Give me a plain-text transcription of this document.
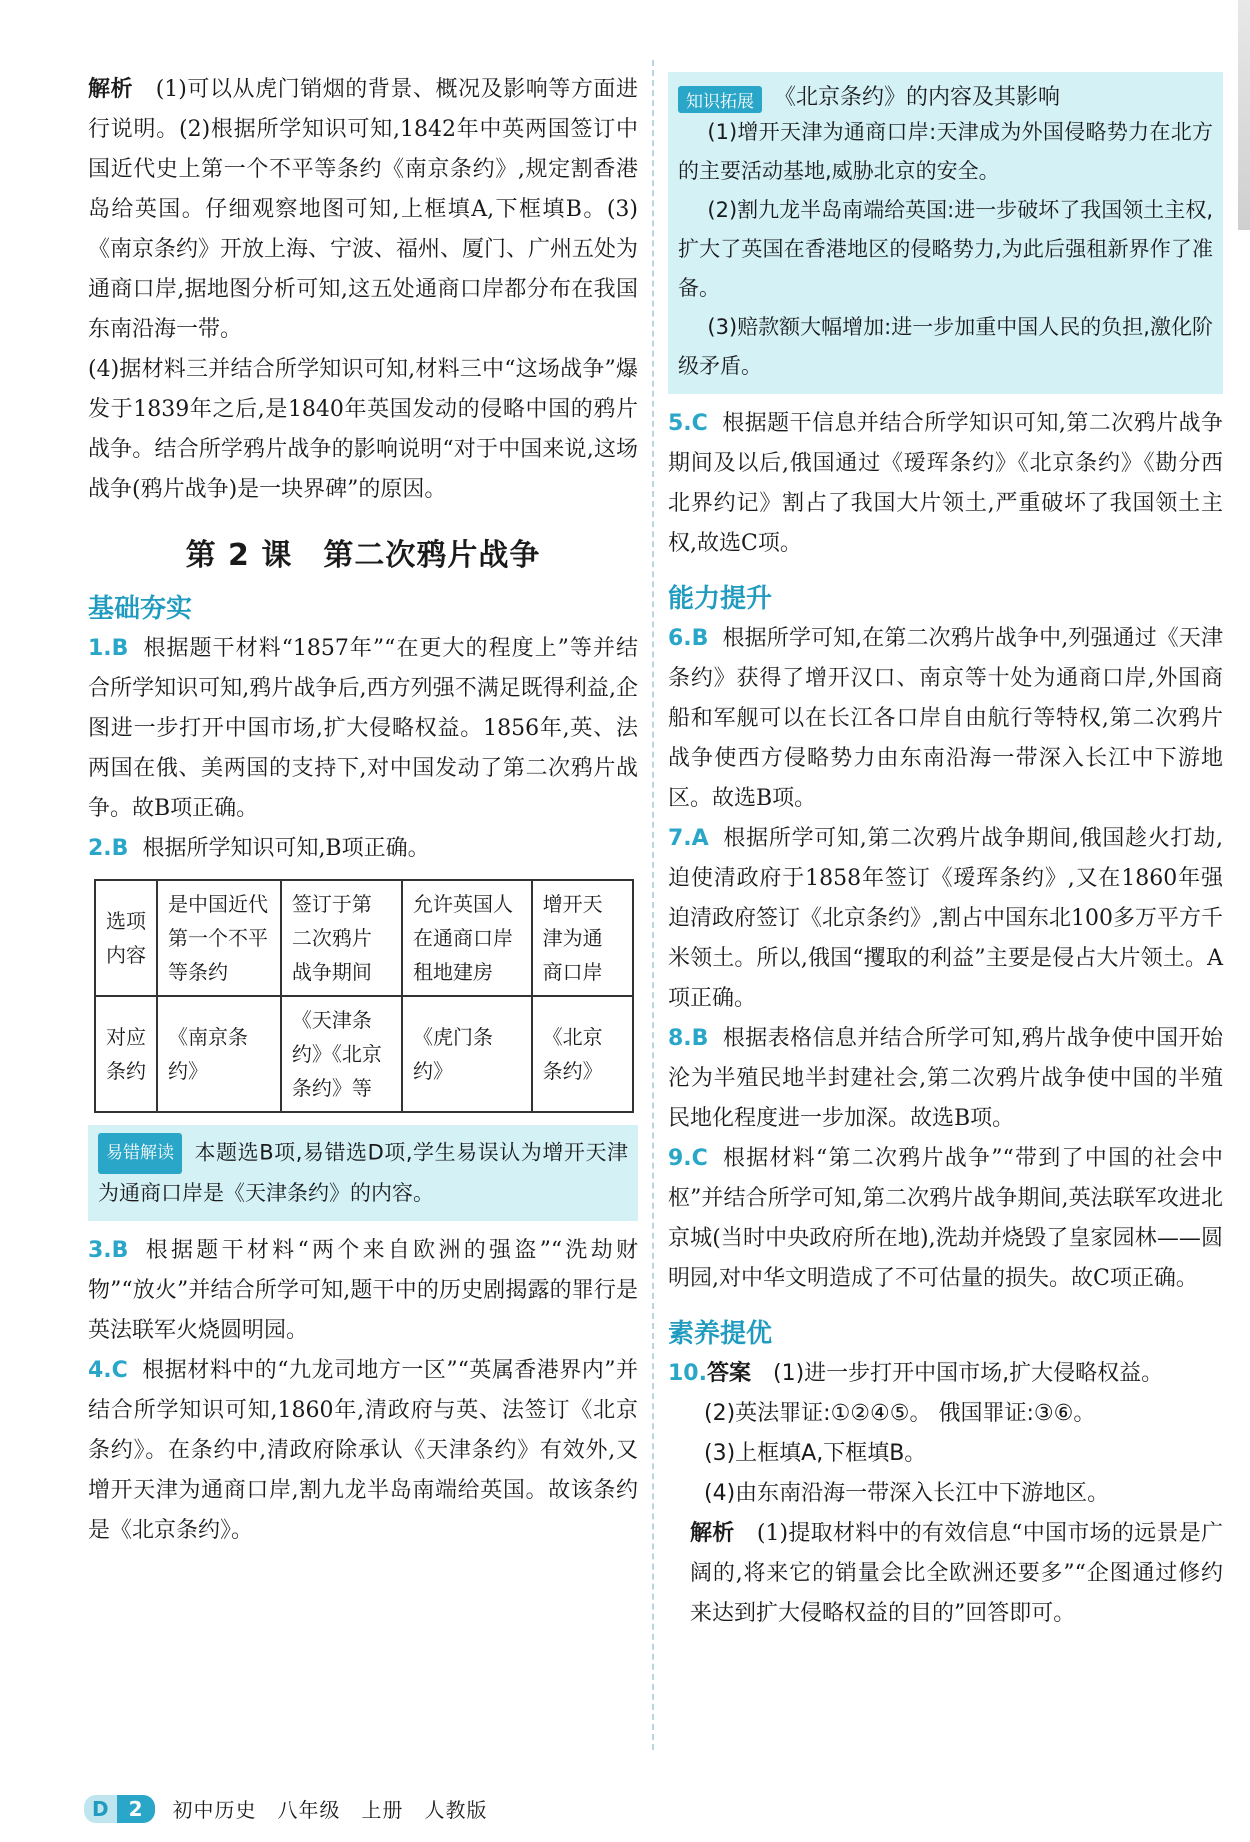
解析　 (1)可以从虎门销烟的背景、概况及影响等方面进行说明。(2)根据所学知识可知,1842年中英两国签订中国近代史上第一个不平等条约《南京条约》,规定割香港岛给英国。仔细观察地图可知,上框填A,下框填B。(3)《南京条约》开放上海、宁波、福州、厦门、广州五处为通商口岸,据地图分析可知,这五处通商口岸都分布在我国东南沿海一带。

(4)据材料三并结合所学知识可知,材料三中“这场战争”爆发于1839年之后,是1840年英国发动的侵略中国的鸦片战争。结合所学鸦片战争的影响说明“对于中国来说,这场战争(鸦片战争)是一块界碑”的原因。

第 2 课　第二次鸦片战争
基础夯实

1.B 根据题干材料“1857年”“在更大的程度上”等并结合所学知识可知,鸦片战争后,西方列强不满足既得利益,企图进一步打开中国市场,扩大侵略权益。1856年,英、法两国在俄、美两国的支持下,对中国发动了第二次鸦片战争。故B项正确。

2.B 根据所学知识可知,B项正确。

选项内容	是中国近代第一个不平等条约	签订于第二次鸦片战争期间	允许英国人在通商口岸租地建房	增开天津为通商口岸
对应条约	《南京条约》	《天津条约》《北京条约》等	《虎门条约》	《北京条约》

易错解读 本题选B项,易错选D项,学生易误认为增开天津为通商口岸是《天津条约》的内容。

3.B 根据题干材料“两个来自欧洲的强盗”“洗劫财物”“放火”并结合所学可知,题干中的历史剧揭露的罪行是英法联军火烧圆明园。

4.C 根据材料中的“九龙司地方一区”“英属香港界内”并结合所学知识可知,1860年,清政府与英、法签订《北京条约》。在条约中,清政府除承认《天津条约》有效外,又增开天津为通商口岸,割九龙半岛南端给英国。故该条约是《北京条约》。

知识拓展 《北京条约》的内容及其影响

(1)增开天津为通商口岸:天津成为外国侵略势力在北方的主要活动基地,威胁北京的安全。

(2)割九龙半岛南端给英国:进一步破坏了我国领土主权,扩大了英国在香港地区的侵略势力,为此后强租新界作了准备。

(3)赔款额大幅增加:进一步加重中国人民的负担,激化阶级矛盾。

5.C 根据题干信息并结合所学知识可知,第二次鸦片战争期间及以后,俄国通过《瑷珲条约》《北京条约》《勘分西北界约记》割占了我国大片领土,严重破坏了我国领土主权,故选C项。

能力提升

6.B 根据所学可知,在第二次鸦片战争中,列强通过《天津条约》获得了增开汉口、南京等十处为通商口岸,外国商船和军舰可以在长江各口岸自由航行等特权,第二次鸦片战争使西方侵略势力由东南沿海一带深入长江中下游地区。故选B项。

7.A 根据所学可知,第二次鸦片战争期间,俄国趁火打劫,迫使清政府于1858年签订《瑷珲条约》,又在1860年强迫清政府签订《北京条约》,割占中国东北100多万平方千米领土。所以,俄国“攫取的利益”主要是侵占大片领土。A项正确。

8.B 根据表格信息并结合所学可知,鸦片战争使中国开始沦为半殖民地半封建社会,第二次鸦片战争使中国的半殖民地化程度进一步加深。故选B项。

9.C 根据材料“第二次鸦片战争”“带到了中国的社会中枢”并结合所学可知,第二次鸦片战争期间,英法联军攻进北京城(当时中央政府所在地),洗劫并烧毁了皇家园林——圆明园,对中华文明造成了不可估量的损失。故C项正确。

素养提优

10.答案　 (1)进一步打开中国市场,扩大侵略权益。

(2)英法罪证:①②④⑤。 俄国罪证:③⑥。

(3)上框填A,下框填B。

(4)由东南沿海一带深入长江中下游地区。

解析　 (1)提取材料中的有效信息“中国市场的远景是广阔的,将来它的销量会比全欧洲还要多”“企图通过修约来达到扩大侵略权益的目的”回答即可。

D	2	初中历史　八年级　上册　人教版
